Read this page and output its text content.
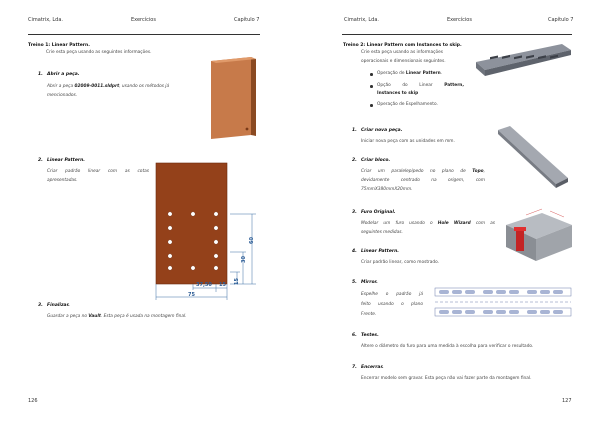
Cimatrix, Lda.	Exercícios	Capítulo 7
Treino 1: Linear Pattern.
Crie esta peça usando as seguintes informações.
1. Abrir a peça.
Abrir a peça 02009-0011.sldprt, usando os métodos já
mencionados.
2. Linear Pattern.
Criar padrão linear com as cotas
apresentadas.
60
30
15
37,50 15
75
3. Finalizar.
Guardar a peça no Vault. Esta peça é usada na montagem final.
126
Cimatrix, Lda.	Exercícios	Capítulo 7
Treino 2: Linear Pattern com Instances to skip.
Crie esta peça usando as informações
operacionais e dimensionais seguintes.
Operação de Linear Pattern.
Opção	do	Linear	Pattern,
Instances to skip
Operação de Espelhamento.
1. Criar nova peça.
Iniciar nova peça com as unidades em mm.
2. Criar bloco.
Criar um paralelepípedo no plano de Topo,
devidamente centrado na origem, com
75mmX380mmX20mm.
3. Furo Original.
Modelar um furo usando o Hole Wizard com as
seguintes medidas.
4. Linear Pattern.
Criar padrão linear, como mostrado.
5. Mirror.
Espelhe o padrão já
feito usando o plano
Frente.
6. Testes.
Altere o diâmetro do furo para uma medida à escolha para verificar o resultado.
7. Encerrar.
Encerrar modelo sem gravar. Esta peça não vai fazer parte da montagem final.
127
